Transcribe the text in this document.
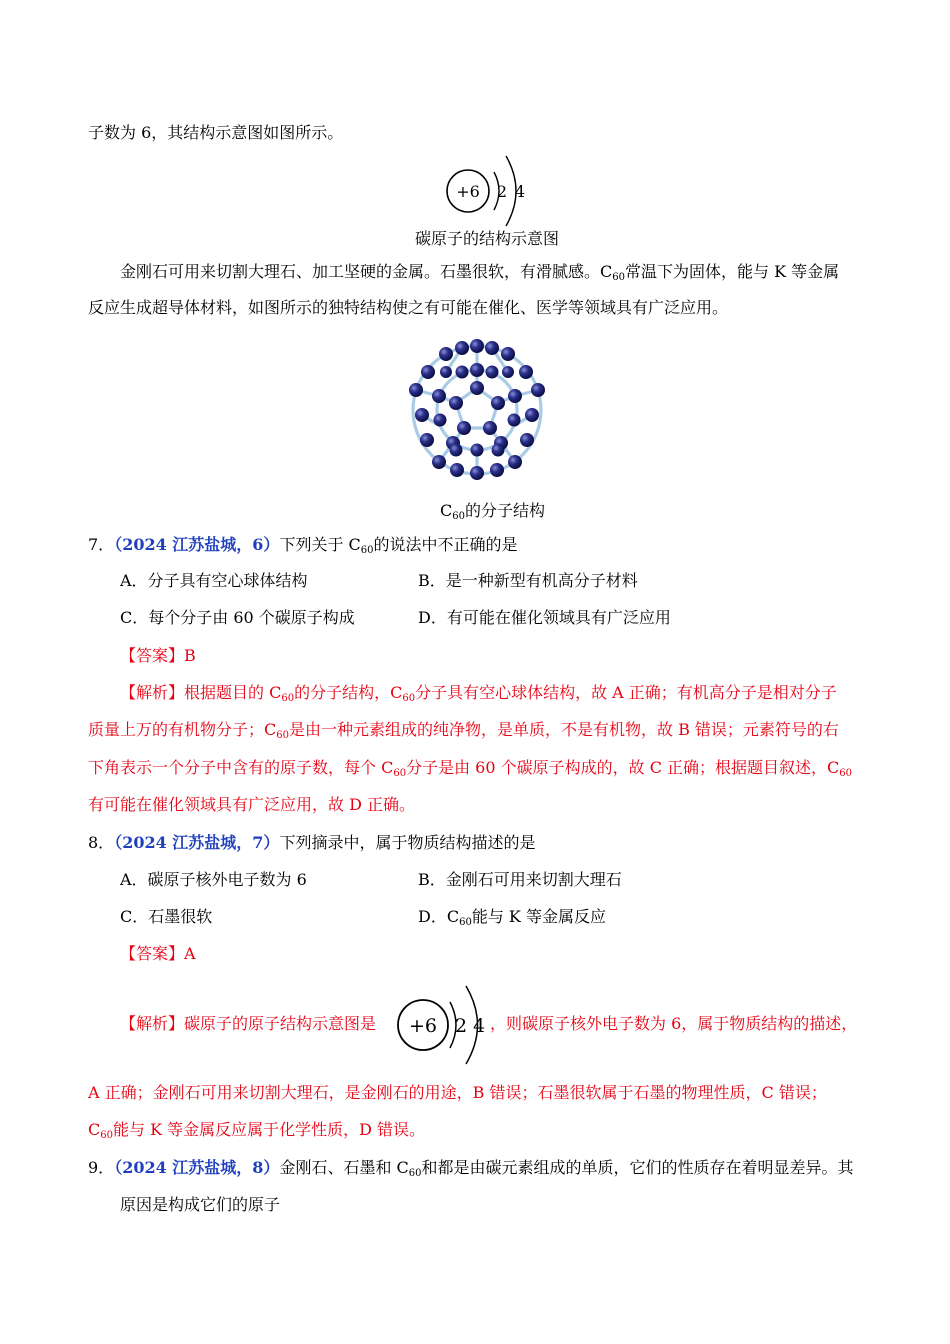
子数为 6，其结构示意图如图所示。
+6 2 4
碳原子的结构示意图
金刚石可用来切割大理石、加工坚硬的金属。石墨很软，有滑腻感。$C_{60}$常温下为固体，能与 K 等金属
反应生成超导体材料，如图所示的独特结构使之有可能在催化、医学等领域具有广泛应用。
$C_{60}$的分子结构
7．（2024 江苏盐城，6）下列关于 $C_{60}$的说法中不正确的是
A．分子具有空心球体结构	B．是一种新型有机高分子材料
C．每个分子由 60 个碳原子构成	D．有可能在催化领域具有广泛应用
【答案】B
【解析】根据题目的 $C_{60}$的分子结构，$C_{60}$分子具有空心球体结构，故 A 正确；有机高分子是相对分子
质量上万的有机物分子；$C_{60}$是由一种元素组成的纯净物，是单质，不是有机物，故 B 错误；元素符号的右
下角表示一个分子中含有的原子数，每个 $C_{60}$分子是由 60 个碳原子构成的，故 C 正确；根据题目叙述，$C_{60}$
有可能在催化领域具有广泛应用，故 D 正确。
8．（2024 江苏盐城，7）下列摘录中，属于物质结构描述的是
A．碳原子核外电子数为 6	B．金刚石可用来切割大理石
C．石墨很软	D．$C_{60}$能与 K 等金属反应
【答案】A
【解析】碳原子的原子结构示意图是 +6 2 4 ，则碳原子核外电子数为 6，属于物质结构的描述，
A 正确；金刚石可用来切割大理石，是金刚石的用途，B 错误；石墨很软属于石墨的物理性质，C 错误；
$C_{60}$能与 K 等金属反应属于化学性质，D 错误。
9．（2024 江苏盐城，8）金刚石、石墨和 $C_{60}$和都是由碳元素组成的单质，它们的性质存在着明显差异。其
原因是构成它们的原子
